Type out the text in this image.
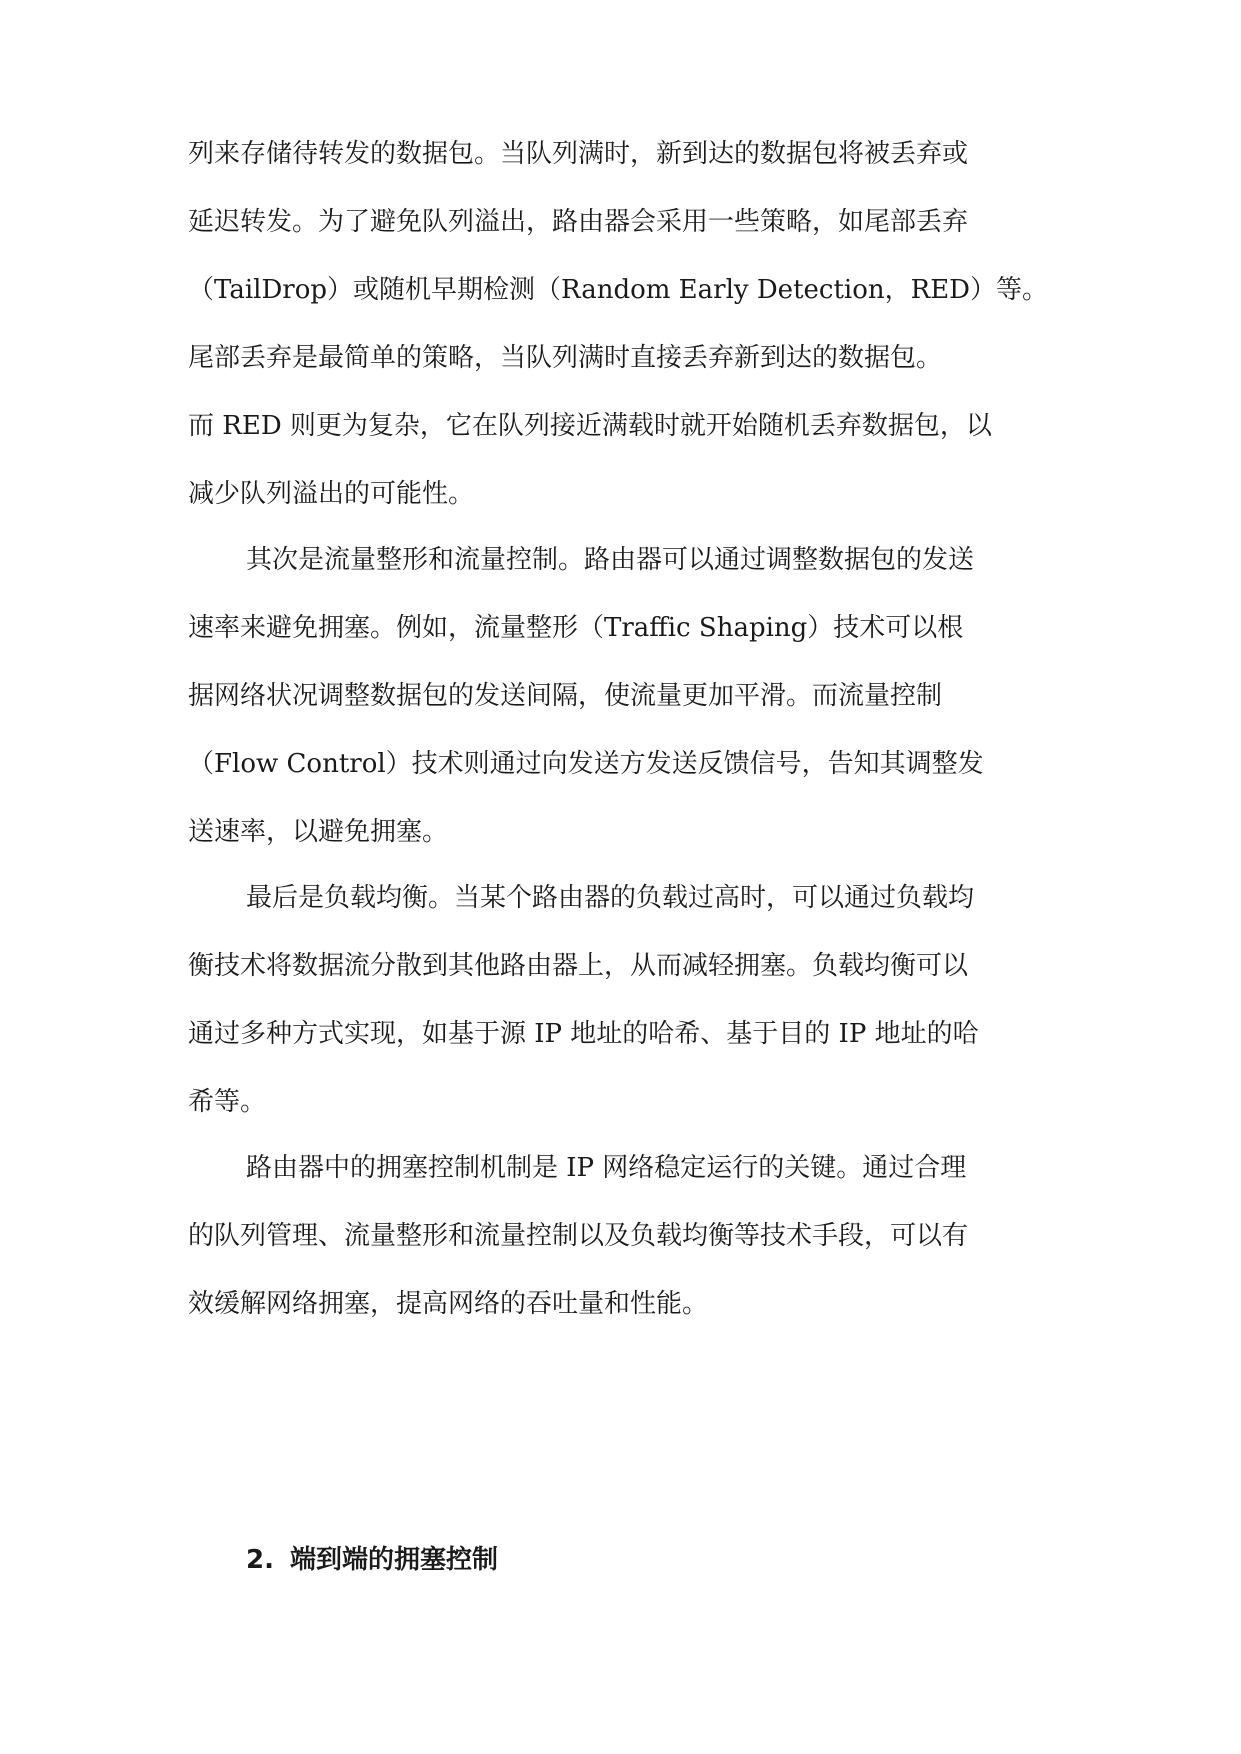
列来存储待转发的数据包。当队列满时，新到达的数据包将被丢弃或
延迟转发。为了避免队列溢出，路由器会采用一些策略，如尾部丢弃
（TailDrop）或随机早期检测（Random Early Detection，RED）等。
尾部丢弃是最简单的策略，当队列满时直接丢弃新到达的数据包。
而 RED 则更为复杂，它在队列接近满载时就开始随机丢弃数据包，以
减少队列溢出的可能性。
其次是流量整形和流量控制。路由器可以通过调整数据包的发送
速率来避免拥塞。例如，流量整形（Traffic Shaping）技术可以根
据网络状况调整数据包的发送间隔，使流量更加平滑。而流量控制
（Flow Control）技术则通过向发送方发送反馈信号，告知其调整发
送速率，以避免拥塞。
最后是负载均衡。当某个路由器的负载过高时，可以通过负载均
衡技术将数据流分散到其他路由器上，从而减轻拥塞。负载均衡可以
通过多种方式实现，如基于源 IP 地址的哈希、基于目的 IP 地址的哈
希等。
路由器中的拥塞控制机制是 IP 网络稳定运行的关键。通过合理
的队列管理、流量整形和流量控制以及负载均衡等技术手段，可以有
效缓解网络拥塞，提高网络的吞吐量和性能。
2. 端到端的拥塞控制
